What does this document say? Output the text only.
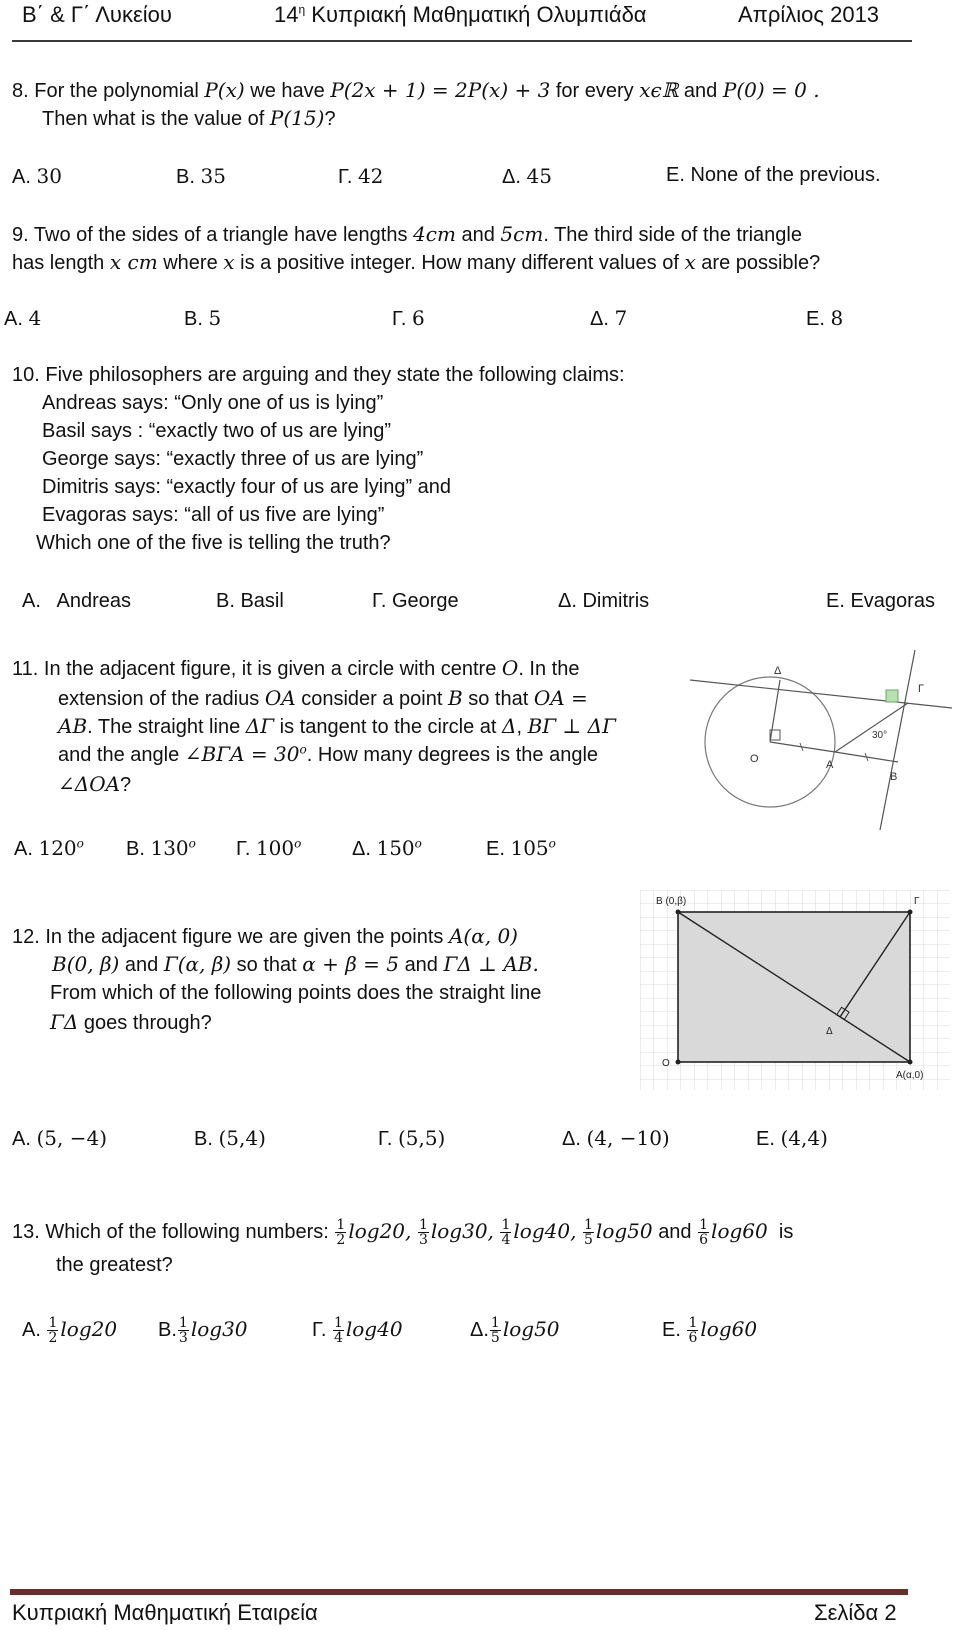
Β΄ & Γ΄ Λυκείου	$14^\eta$ Κυπριακή Μαθηματική Ολυμπιάδα	Απρίλιος 2013
8. For the polynomial P(x) we have P(2x + 1) = 2P(x) + 3 for every xϵℝ and P(0) = 0 .
Then what is the value of P(15)?
A. 30	B. 35	Γ. 42	Δ. 45	E. None of the previous.
9. Two of the sides of a triangle have lengths 4cm and 5cm. The third side of the triangle
has length x cm where x is a positive integer. How many different values of x are possible?
A. 4	B. 5	Γ. 6	Δ. 7	E. 8
10. Five philosophers are arguing and they state the following claims:
Andreas says: “Only one of us is lying”
Basil says : “exactly two of us are lying”
George says: “exactly three of us are lying”
Dimitris says: “exactly four of us are lying” and
Evagoras says: “all of us five are lying”
Which one of the five is telling the truth?
A. Andreas	B. Basil	Γ. George	Δ. Dimitris	E. Evagoras
11. In the adjacent figure, it is given a circle with centre O. In the
extension of the radius OA consider a point B so that OA =
AB. The straight line ΔΓ is tangent to the circle at Δ, BΓ ⊥ ΔΓ
and the angle ∠BΓA = $30^o$. How many degrees is the angle
∠ΔOA?
Δ
Γ
O	A
B
30°
A. 120$^o$ B. 130$^o$ Γ. 100$^o$	Δ. 150$^o$	E. 105$^o$
12. In the adjacent figure we are given the points A(α, 0)
B(0, β) and Γ(α, β) so that α + β = 5 and ΓΔ ⊥ AB.
From which of the following points does the straight line
ΓΔ goes through?
B (0,β)	Γ
Δ
O
A(α,0)
A. (5, −4)	B. (5,4)	Γ. (5,5)	Δ. (4, −10)	E. (4,4)
13. Which of the following numbers: $\frac{1}{2} \log 20$, $\frac{1}{3} \log 30$, $\frac{1}{4} \log 40$, $\frac{1}{5} \log 50$ and $\frac{1}{6} \log 60$ is
the greatest?
A. $\frac{1}{2} \log 20$ B. $\frac{1}{3} \log 30$	Γ. $\frac{1}{4} \log 40$	Δ. $\frac{1}{5} \log 50$	E. $\frac{1}{6} \log 60$
Κυπριακή Μαθηματική Εταιρεία	Σελίδα 2
